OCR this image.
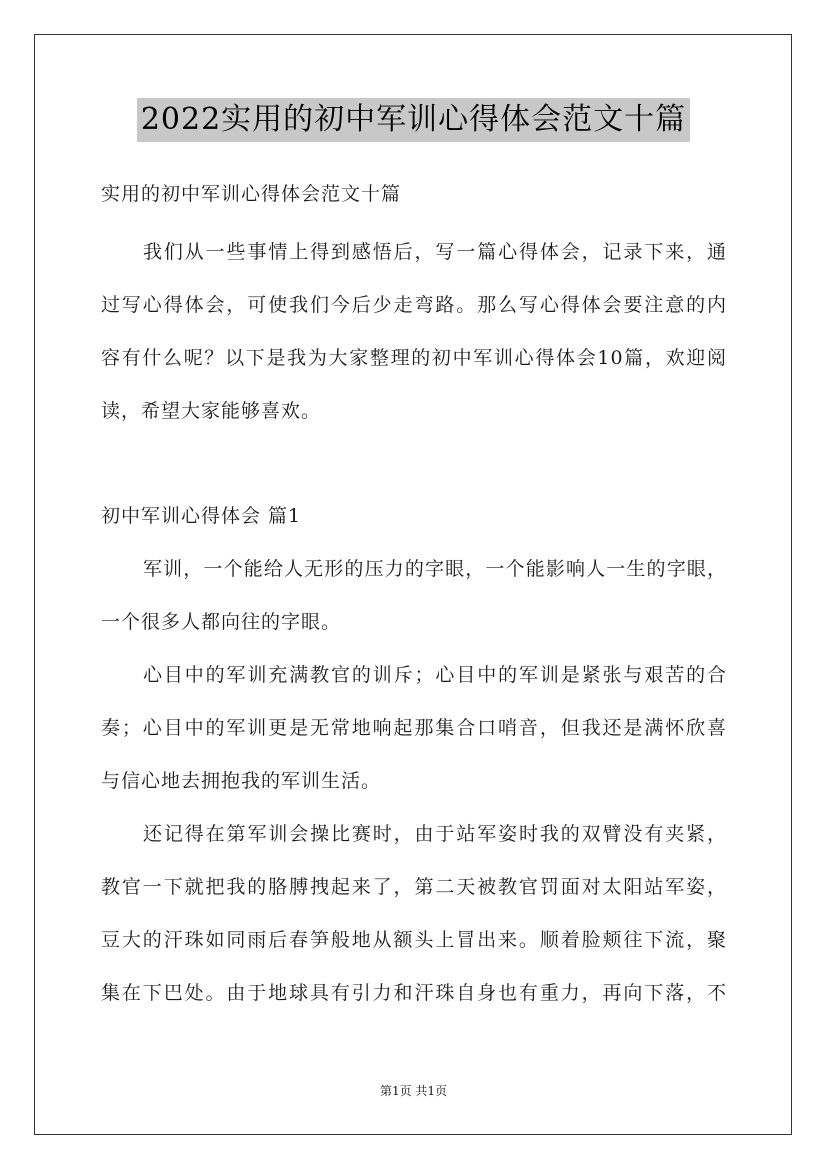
2022实用的初中军训心得体会范文十篇
实用的初中军训心得体会范文十篇
我们从一些事情上得到感悟后，写一篇心得体会，记录下来，通
过写心得体会，可使我们今后少走弯路。那么写心得体会要注意的内
容有什么呢？以下是我为大家整理的初中军训心得体会10篇，欢迎阅
读，希望大家能够喜欢。
初中军训心得体会 篇1
军训，一个能给人无形的压力的字眼，一个能影响人一生的字眼，
一个很多人都向往的字眼。
心目中的军训充满教官的训斥；心目中的军训是紧张与艰苦的合
奏；心目中的军训更是无常地响起那集合口哨音，但我还是满怀欣喜
与信心地去拥抱我的军训生活。
还记得在第军训会操比赛时，由于站军姿时我的双臂没有夹紧，
教官一下就把我的胳膊拽起来了，第二天被教官罚面对太阳站军姿，
豆大的汗珠如同雨后春笋般地从额头上冒出来。顺着脸颊往下流，聚
集在下巴处。由于地球具有引力和汗珠自身也有重力，再向下落，不
第1页 共1页
